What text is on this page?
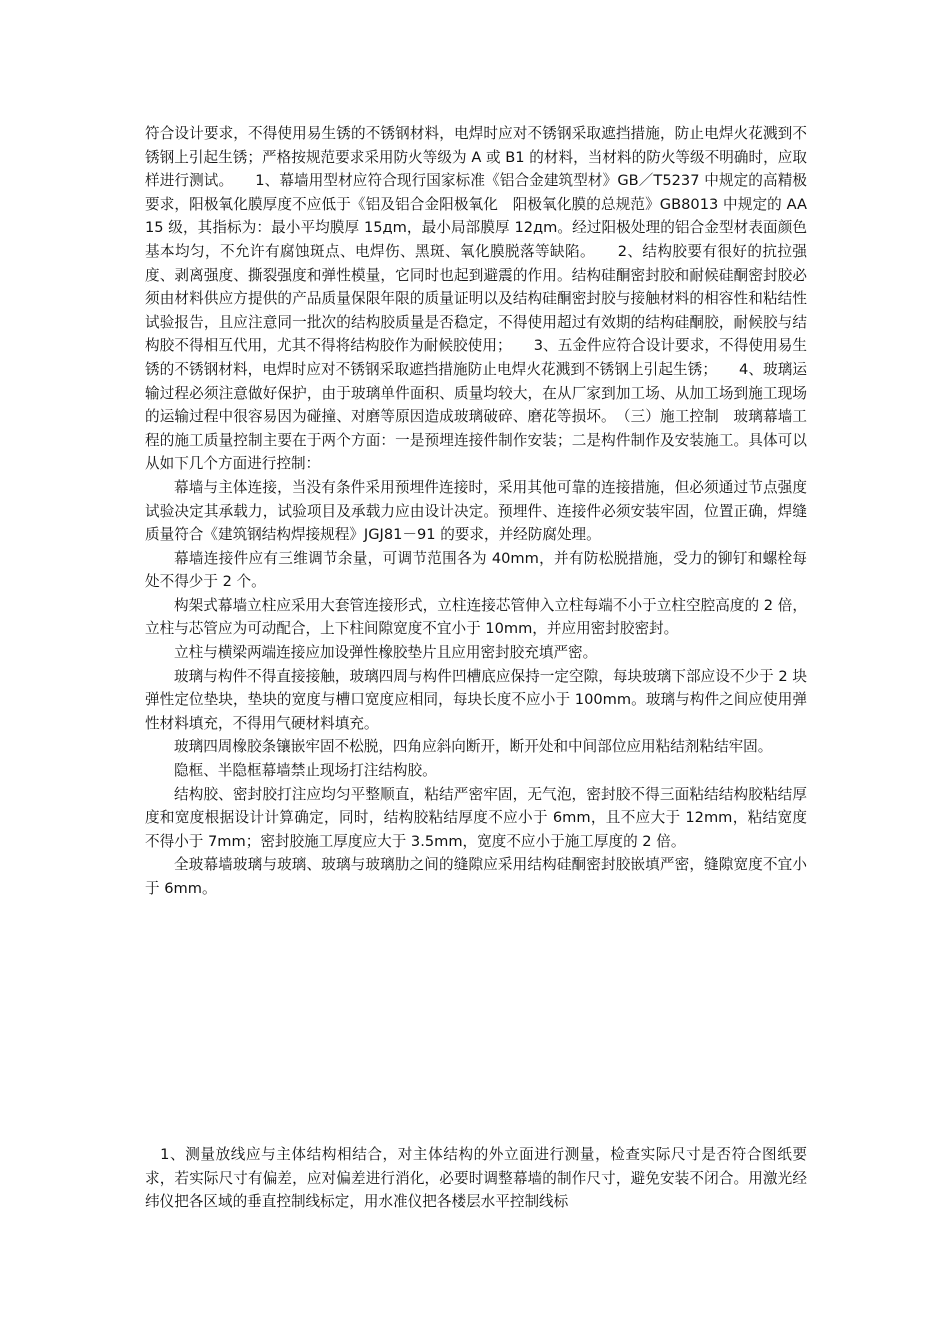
符合设计要求，不得使用易生锈的不锈钢材料，电焊时应对不锈钢采取遮挡措施，防止电焊火花溅到不锈钢上引起生锈；严格按规范要求采用防火等级为 A 或 B1 的材料，当材料的防火等级不明确时，应取样进行测试。　　1、幕墙用型材应符合现行国家标准《铝合金建筑型材》GB／T5237 中规定的高精极要求，阳极氧化膜厚度不应低于《铝及铝合金阳极氧化　阳极氧化膜的总规范》GB8013 中规定的 AA15 级，其指标为：最小平均膜厚 15дm，最小局部膜厚 12дm。经过阳极处理的铝合金型材表面颜色基本均匀，不允许有腐蚀斑点、电焊伤、黑斑、氧化膜脱落等缺陷。　　2、结构胶要有很好的抗拉强度、剥离强度、撕裂强度和弹性模量，它同时也起到避震的作用。结构硅酮密封胶和耐候硅酮密封胶必须由材料供应方提供的产品质量保限年限的质量证明以及结构硅酮密封胶与接触材料的相容性和粘结性试验报告，且应注意同一批次的结构胶质量是否稳定，不得使用超过有效期的结构硅酮胶，耐候胶与结构胶不得相互代用，尤其不得将结构胶作为耐候胶使用；　　3、五金件应符合设计要求，不得使用易生锈的不锈钢材料，电焊时应对不锈钢采取遮挡措施防止电焊火花溅到不锈钢上引起生锈；　　4、玻璃运输过程必须注意做好保护，由于玻璃单件面积、质量均较大，在从厂家到加工场、从加工场到施工现场的运输过程中很容易因为碰撞、对磨等原因造成玻璃破碎、磨花等损坏。　（三）施工控制　玻璃幕墙工程的施工质量控制主要在于两个方面：一是预埋连接件制作安装；二是构件制作及安装施工。具体可以从如下几个方面进行控制：

幕墙与主体连接，当没有条件采用预埋件连接时，采用其他可靠的连接措施，但必须通过节点强度试验决定其承载力，试验项目及承载力应由设计决定。预埋件、连接件必须安装牢固，位置正确，焊缝质量符合《建筑钢结构焊接规程》JGJ81－91 的要求，并经防腐处理。

幕墙连接件应有三维调节余量，可调节范围各为 40mm，并有防松脱措施，受力的铆钉和螺栓每处不得少于 2 个。

构架式幕墙立柱应采用大套管连接形式，立柱连接芯管伸入立柱每端不小于立柱空腔高度的 2 倍，立柱与芯管应为可动配合，上下柱间隙宽度不宜小于 10mm，并应用密封胶密封。

立柱与横梁两端连接应加设弹性橡胶垫片且应用密封胶充填严密。

玻璃与构件不得直接接触，玻璃四周与构件凹槽底应保持一定空隙，每块玻璃下部应设不少于 2 块弹性定位垫块，垫块的宽度与槽口宽度应相同，每块长度不应小于 100mm。玻璃与构件之间应使用弹性材料填充，不得用气硬材料填充。

玻璃四周橡胶条镶嵌牢固不松脱，四角应斜向断开，断开处和中间部位应用粘结剂粘结牢固。

隐框、半隐框幕墙禁止现场打注结构胶。

结构胶、密封胶打注应均匀平整顺直，粘结严密牢固，无气泡，密封胶不得三面粘结结构胶粘结厚度和宽度根据设计计算确定，同时，结构胶粘结厚度不应小于 6mm，且不应大于 12mm，粘结宽度不得小于 7mm；密封胶施工厚度应大于 3.5mm，宽度不应小于施工厚度的 2 倍。

全玻幕墙玻璃与玻璃、玻璃与玻璃肋之间的缝隙应采用结构硅酮密封胶嵌填严密，缝隙宽度不宜小于 6mm。

　1、测量放线应与主体结构相结合，对主体结构的外立面进行测量，检查实际尺寸是否符合图纸要求，若实际尺寸有偏差，应对偏差进行消化，必要时调整幕墙的制作尺寸，避免安装不闭合。用激光经纬仪把各区域的垂直控制线标定，用水准仪把各楼层水平控制线标
